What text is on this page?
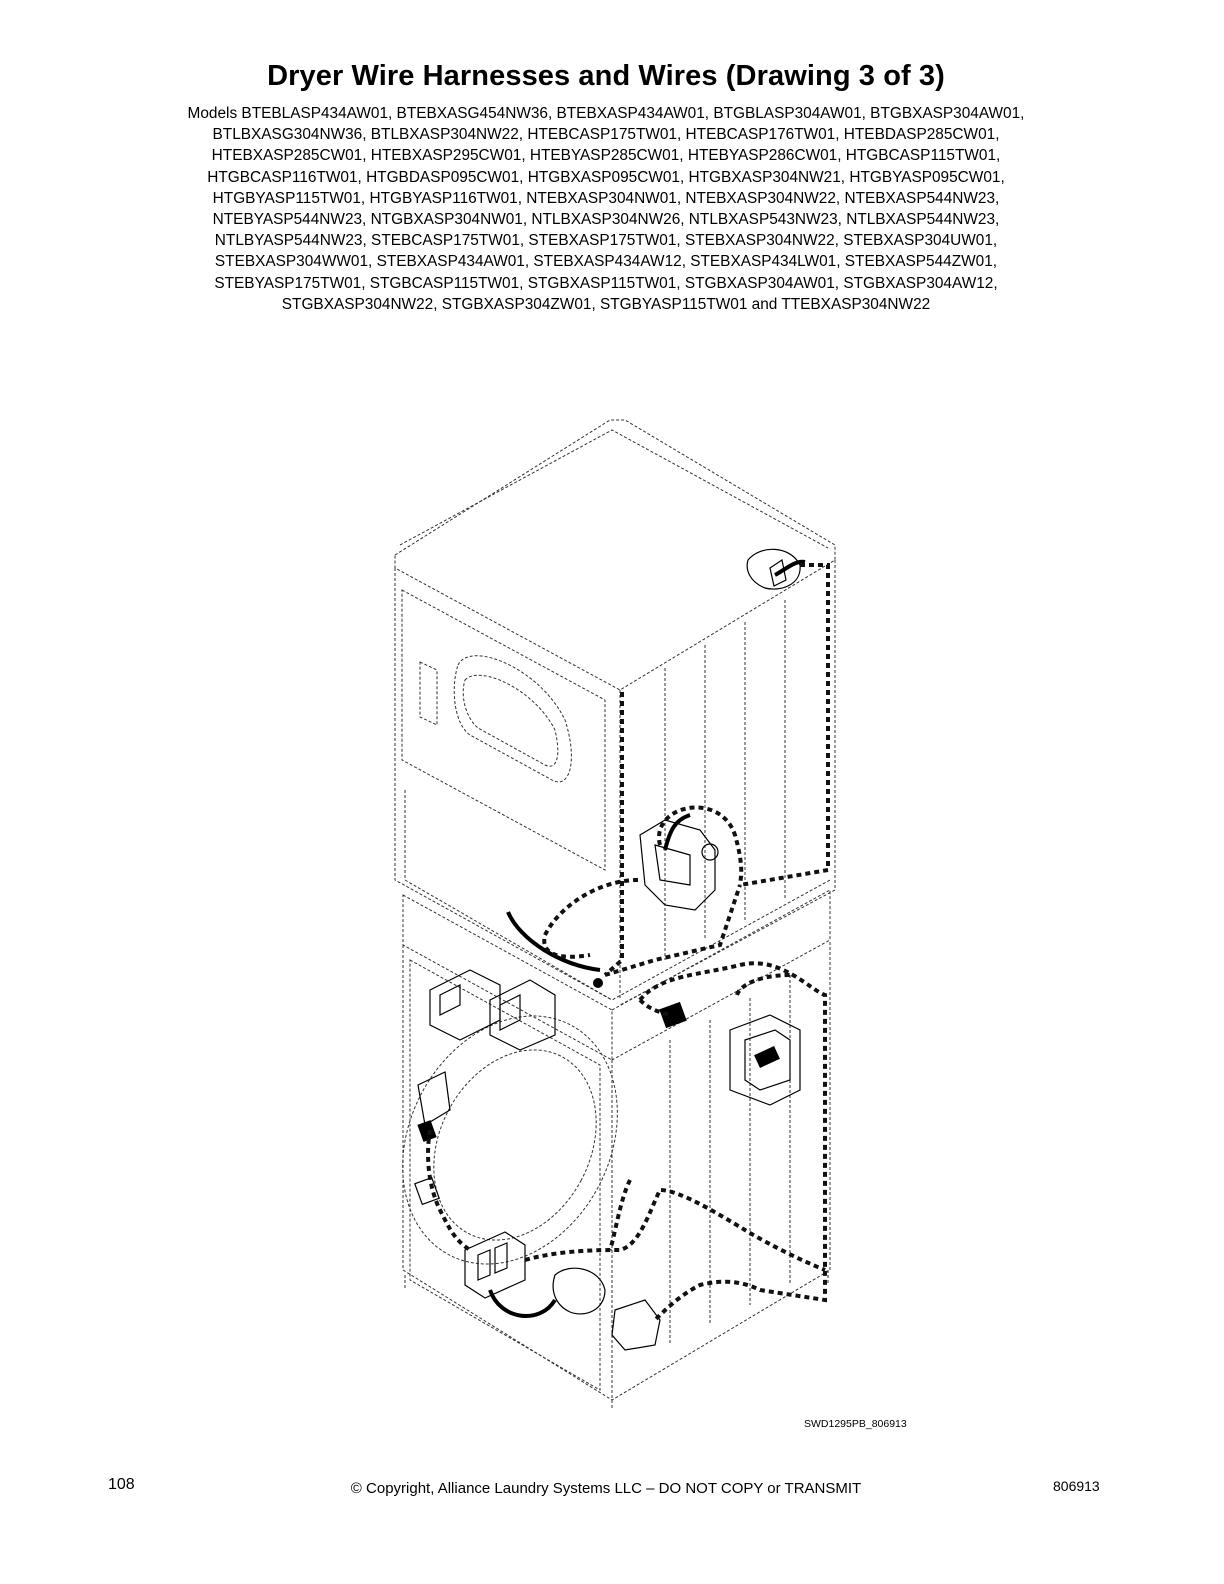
Dryer Wire Harnesses and Wires (Drawing 3 of 3)
Models BTEBLASP434AW01, BTEBXASG454NW36, BTEBXASP434AW01, BTGBLASP304AW01, BTGBXASP304AW01,
BTLBXASG304NW36, BTLBXASP304NW22, HTEBCASP175TW01, HTEBCASP176TW01, HTEBDASP285CW01,
HTEBXASP285CW01, HTEBXASP295CW01, HTEBYASP285CW01, HTEBYASP286CW01, HTGBCASP115TW01,
HTGBCASP116TW01, HTGBDASP095CW01, HTGBXASP095CW01, HTGBXASP304NW21, HTGBYASP095CW01,
HTGBYASP115TW01, HTGBYASP116TW01, NTEBXASP304NW01, NTEBXASP304NW22, NTEBXASP544NW23,
NTEBYASP544NW23, NTGBXASP304NW01, NTLBXASP304NW26, NTLBXASP543NW23, NTLBXASP544NW23,
NTLBYASP544NW23, STEBCASP175TW01, STEBXASP175TW01, STEBXASP304NW22, STEBXASP304UW01,
STEBXASP304WW01, STEBXASP434AW01, STEBXASP434AW12, STEBXASP434LW01, STEBXASP544ZW01,
STEBYASP175TW01, STGBCASP115TW01, STGBXASP115TW01, STGBXASP304AW01, STGBXASP304AW12,
STGBXASP304NW22, STGBXASP304ZW01, STGBYASP115TW01 and TTEBXASP304NW22
SWD1295PB_806913
108	© Copyright, Alliance Laundry Systems LLC – DO NOT COPY or TRANSMIT	806913
